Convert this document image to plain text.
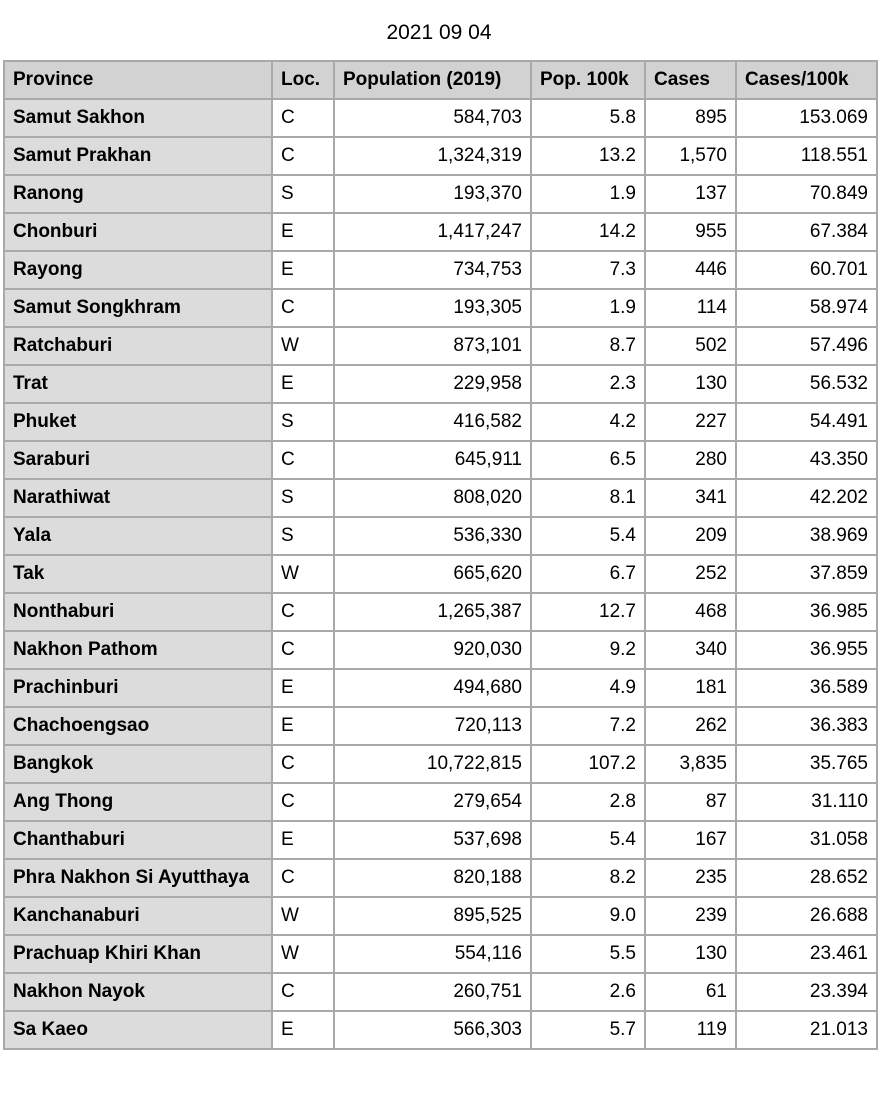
2021 09 04
Province	Loc.	Population (2019)	Pop. 100k	Cases	Cases/100k
Samut Sakhon	C	584,703	5.8	895	153.069
Samut Prakhan	C	1,324,319	13.2	1,570	118.551
Ranong	S	193,370	1.9	137	70.849
Chonburi	E	1,417,247	14.2	955	67.384
Rayong	E	734,753	7.3	446	60.701
Samut Songkhram	C	193,305	1.9	114	58.974
Ratchaburi	W	873,101	8.7	502	57.496
Trat	E	229,958	2.3	130	56.532
Phuket	S	416,582	4.2	227	54.491
Saraburi	C	645,911	6.5	280	43.350
Narathiwat	S	808,020	8.1	341	42.202
Yala	S	536,330	5.4	209	38.969
Tak	W	665,620	6.7	252	37.859
Nonthaburi	C	1,265,387	12.7	468	36.985
Nakhon Pathom	C	920,030	9.2	340	36.955
Prachinburi	E	494,680	4.9	181	36.589
Chachoengsao	E	720,113	7.2	262	36.383
Bangkok	C	10,722,815	107.2	3,835	35.765
Ang Thong	C	279,654	2.8	87	31.110
Chanthaburi	E	537,698	5.4	167	31.058
Phra Nakhon Si Ayutthaya	C	820,188	8.2	235	28.652
Kanchanaburi	W	895,525	9.0	239	26.688
Prachuap Khiri Khan	W	554,116	5.5	130	23.461
Nakhon Nayok	C	260,751	2.6	61	23.394
Sa Kaeo	E	566,303	5.7	119	21.013
